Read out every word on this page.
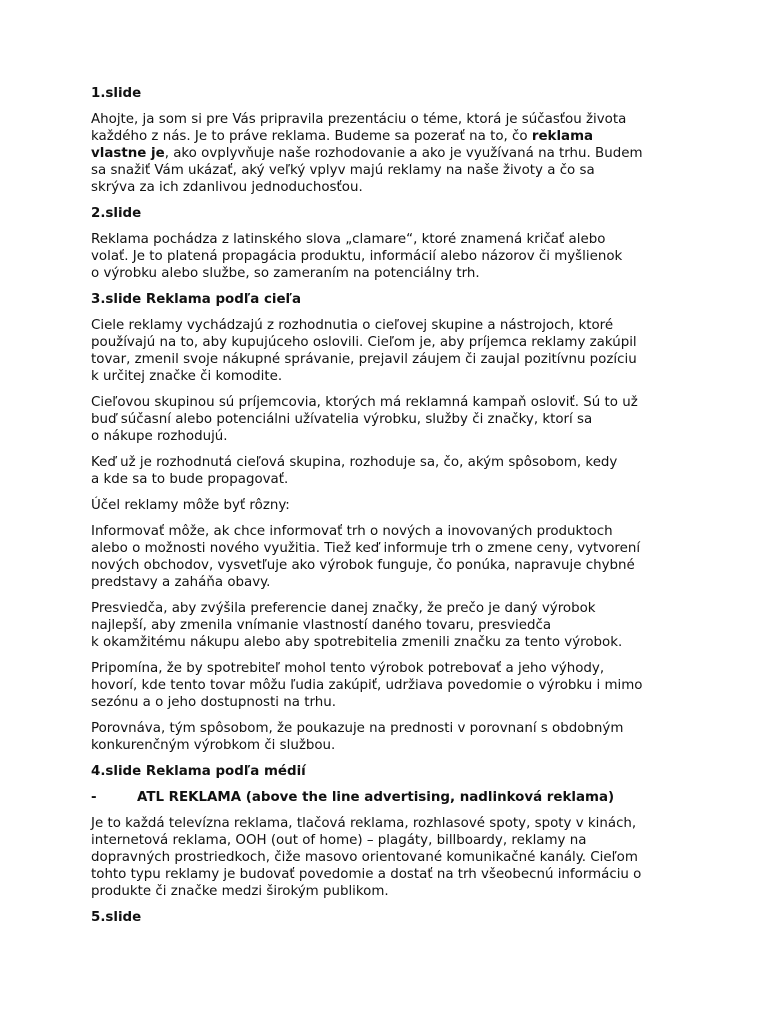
1.slide
Ahojte, ja som si pre Vás pripravila prezentáciu o téme, ktorá je súčasťou života
každého z nás. Je to práve reklama. Budeme sa pozerať na to, čo reklama
vlastne je, ako ovplyvňuje naše rozhodovanie a ako je využívaná na trhu. Budem
sa snažiť Vám ukázať, aký veľký vplyv majú reklamy na naše životy a čo sa
skrýva za ich zdanlivou jednoduchosťou.
2.slide
Reklama pochádza z latinského slova „clamare“, ktoré znamená kričať alebo
volať. Je to platená propagácia produktu, informácií alebo názorov či myšlienok
o výrobku alebo službe, so zameraním na potenciálny trh.
3.slide Reklama podľa cieľa
Ciele reklamy vychádzajú z rozhodnutia o cieľovej skupine a nástrojoch, ktoré
používajú na to, aby kupujúceho oslovili. Cieľom je, aby príjemca reklamy zakúpil
tovar, zmenil svoje nákupné správanie, prejavil záujem či zaujal pozitívnu pozíciu
k určitej značke či komodite.
Cieľovou skupinou sú príjemcovia, ktorých má reklamná kampaň osloviť. Sú to už
buď súčasní alebo potenciálni užívatelia výrobku, služby či značky, ktorí sa
o nákupe rozhodujú.
Keď už je rozhodnutá cieľová skupina, rozhoduje sa, čo, akým spôsobom, kedy
a kde sa to bude propagovať.
Účel reklamy môže byť rôzny:
Informovať môže, ak chce informovať trh o nových a inovovaných produktoch
alebo o možnosti nového využitia. Tiež keď informuje trh o zmene ceny, vytvorení
nových obchodov, vysvetľuje ako výrobok funguje, čo ponúka, napravuje chybné
predstavy a zaháňa obavy.
Presviedča, aby zvýšila preferencie danej značky, že prečo je daný výrobok
najlepší, aby zmenila vnímanie vlastností daného tovaru, presviedča
k okamžitému nákupu alebo aby spotrebitelia zmenili značku za tento výrobok.
Pripomína, že by spotrebiteľ mohol tento výrobok potrebovať a jeho výhody,
hovorí, kde tento tovar môžu ľudia zakúpiť, udržiava povedomie o výrobku i mimo
sezónu a o jeho dostupnosti na trhu.
Porovnáva, tým spôsobom, že poukazuje na prednosti v porovnaní s obdobným
konkurenčným výrobkom či službou.
4.slide Reklama podľa médií
-	ATL REKLAMA (above the line advertising, nadlinková reklama)
Je to každá televízna reklama, tlačová reklama, rozhlasové spoty, spoty v kinách,
internetová reklama, OOH (out of home) – plagáty, billboardy, reklamy na
dopravných prostriedkoch, čiže masovo orientované komunikačné kanály. Cieľom
tohto typu reklamy je budovať povedomie a dostať na trh všeobecnú informáciu o
produkte či značke medzi širokým publikom.
5.slide
